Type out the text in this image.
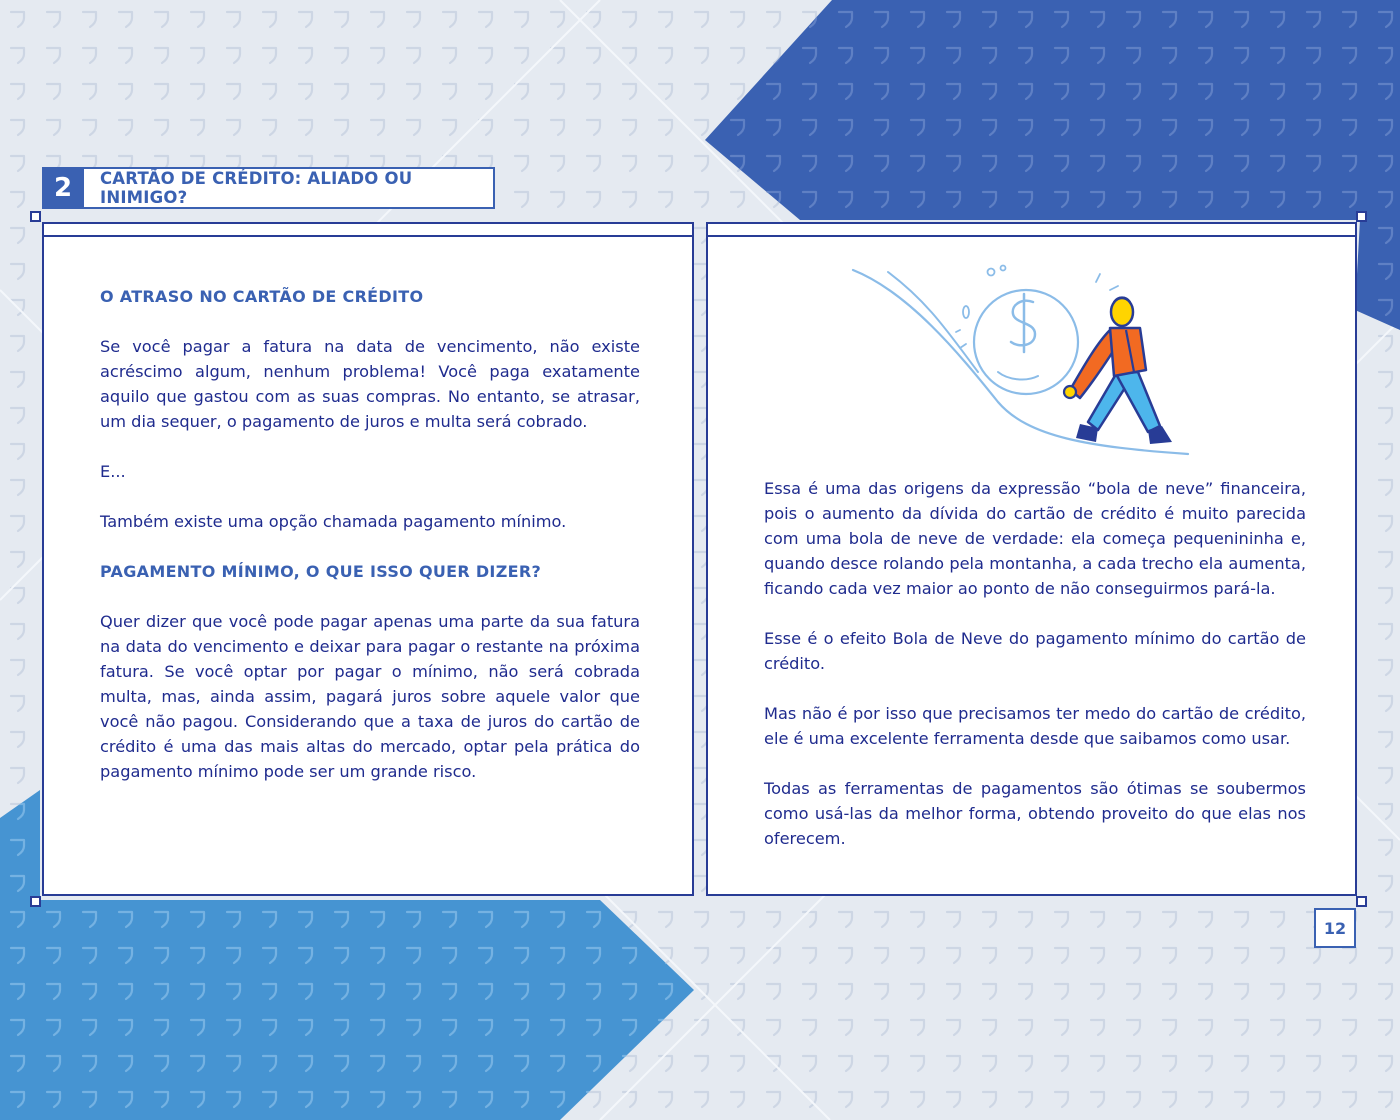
2	CARTÃO DE CRÉDITO: ALIADO OU INIMIGO?
O ATRASO NO CARTÃO DE CRÉDITO

Se você pagar a fatura na data de vencimento, não existe acréscimo algum, nenhum problema! Você paga exatamente aquilo que gastou com as suas compras. No entanto, se atrasar, um dia sequer, o pagamento de juros e multa será cobrado.

E...

Também existe uma opção chamada pagamento mínimo.

PAGAMENTO MÍNIMO, O QUE ISSO QUER DIZER?

Quer dizer que você pode pagar apenas uma parte da sua fatura na data do vencimento e deixar para pagar o restante na próxima fatura. Se você optar por pagar o mínimo, não será cobrada multa, mas, ainda assim, pagará juros sobre aquele valor que você não pagou. Considerando que a taxa de juros do cartão de crédito é uma das mais altas do mercado, optar pela prática do pagamento mínimo pode ser um grande risco.

Essa é uma das origens da expressão “bola de neve” financeira, pois o aumento da dívida do cartão de crédito é muito parecida com uma bola de neve de verdade: ela começa pequenininha e, quando desce rolando pela montanha, a cada trecho ela aumenta, ficando cada vez maior ao ponto de não conseguirmos pará-la.

Esse é o efeito Bola de Neve do pagamento mínimo do cartão de crédito.

Mas não é por isso que precisamos ter medo do cartão de crédito, ele é uma excelente ferramenta desde que saibamos como usar.

Todas as ferramentas de pagamentos são ótimas se soubermos como usá-las da melhor forma, obtendo proveito do que elas nos oferecem.

12
